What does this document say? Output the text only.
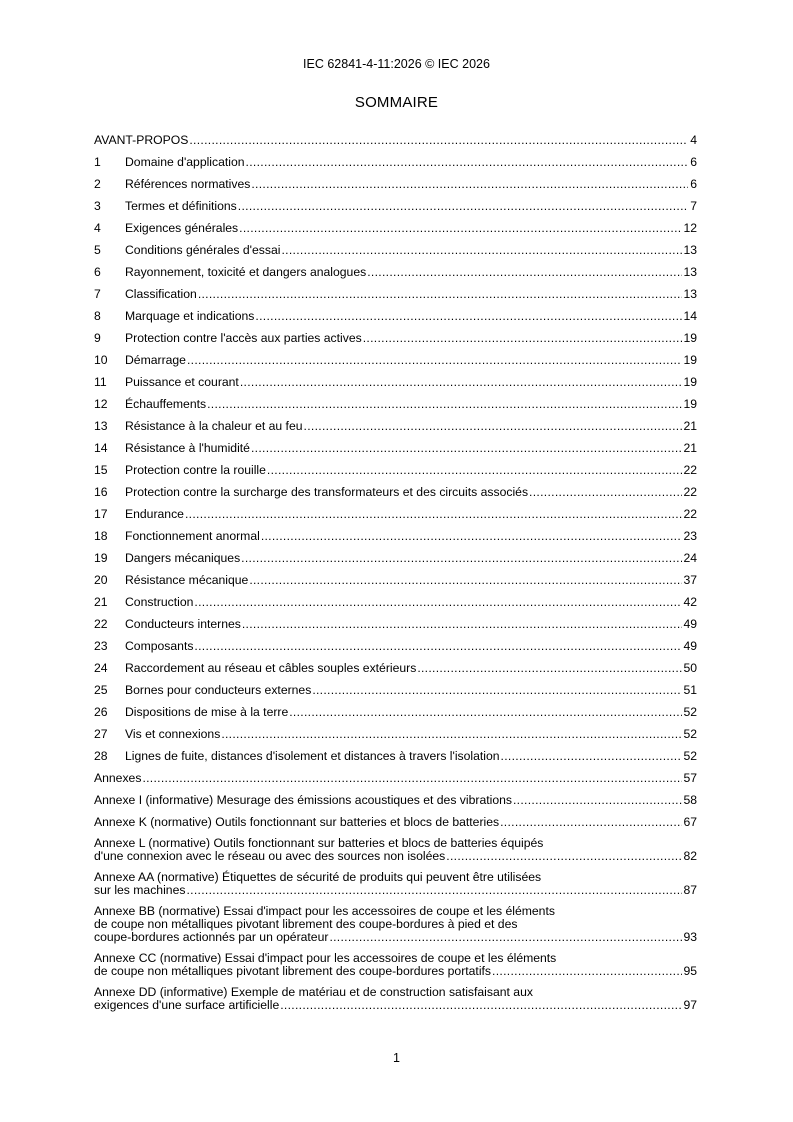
IEC 62841-4-11:2026 © IEC 2026
SOMMAIRE
AVANT-PROPOS .....	4
1	Domaine d'application .....	6
2	Références normatives .....	6
3	Termes et définitions .....	7
4	Exigences générales .....	12
5	Conditions générales d'essai .....	13
6	Rayonnement, toxicité et dangers analogues .....	13
7	Classification .....	13
8	Marquage et indications .....	14
9	Protection contre l'accès aux parties actives .....	19
10	Démarrage .....	19
11	Puissance et courant .....	19
12	Échauffements .....	19
13	Résistance à la chaleur et au feu .....	21
14	Résistance à l'humidité .....	21
15	Protection contre la rouille .....	22
16	Protection contre la surcharge des transformateurs et des circuits associés .....	22
17	Endurance .....	22
18	Fonctionnement anormal .....	23
19	Dangers mécaniques .....	24
20	Résistance mécanique .....	37
21	Construction .....	42
22	Conducteurs internes .....	49
23	Composants .....	49
24	Raccordement au réseau et câbles souples extérieurs .....	50
25	Bornes pour conducteurs externes .....	51
26	Dispositions de mise à la terre .....	52
27	Vis et connexions .....	52
28	Lignes de fuite, distances d'isolement et distances à travers l'isolation .....	52
Annexes .....	57
Annexe I (informative) Mesurage des émissions acoustiques et des vibrations .....	58
Annexe K (normative) Outils fonctionnant sur batteries et blocs de batteries .....	67
Annexe L (normative) Outils fonctionnant sur batteries et blocs de batteries équipés
d'une connexion avec le réseau ou avec des sources non isolées .....	82
Annexe AA (normative) Étiquettes de sécurité de produits qui peuvent être utilisées
sur les machines .....	87
Annexe BB (normative) Essai d'impact pour les accessoires de coupe et les éléments
de coupe non métalliques pivotant librement des coupe-bordures à pied et des
coupe-bordures actionnés par un opérateur .....	93
Annexe CC (normative) Essai d'impact pour les accessoires de coupe et les éléments
de coupe non métalliques pivotant librement des coupe-bordures portatifs .....	95
Annexe DD (informative) Exemple de matériau et de construction satisfaisant aux
exigences d'une surface artificielle .....	97
1
